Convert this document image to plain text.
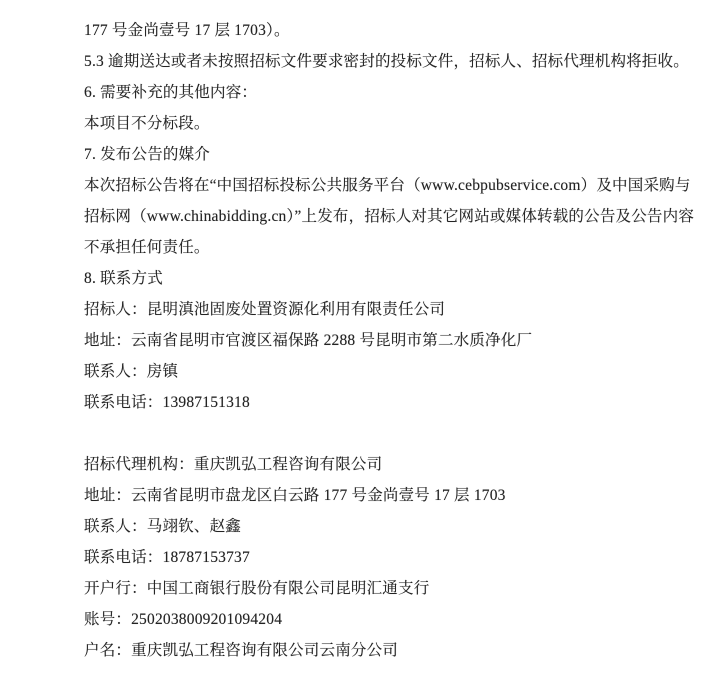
177 号金尚壹号 17 层 1703）。
5.3 逾期送达或者未按照招标文件要求密封的投标文件，招标人、招标代理机构将拒收。
6. 需要补充的其他内容：
本项目不分标段。
7. 发布公告的媒介
本次招标公告将在“中国招标投标公共服务平台（www.cebpubservice.com）及中国采购与
招标网（www.chinabidding.cn）”上发布，招标人对其它网站或媒体转载的公告及公告内容
不承担任何责任。
8. 联系方式
招标人：昆明滇池固废处置资源化利用有限责任公司
地址：云南省昆明市官渡区福保路 2288 号昆明市第二水质净化厂
联系人：房镇
联系电话：13987151318
招标代理机构：重庆凯弘工程咨询有限公司
地址：云南省昆明市盘龙区白云路 177 号金尚壹号 17 层 1703
联系人：马翊钦、赵鑫
联系电话：18787153737
开户行：中国工商银行股份有限公司昆明汇通支行
账号：2502038009201094204
户名：重庆凯弘工程咨询有限公司云南分公司
